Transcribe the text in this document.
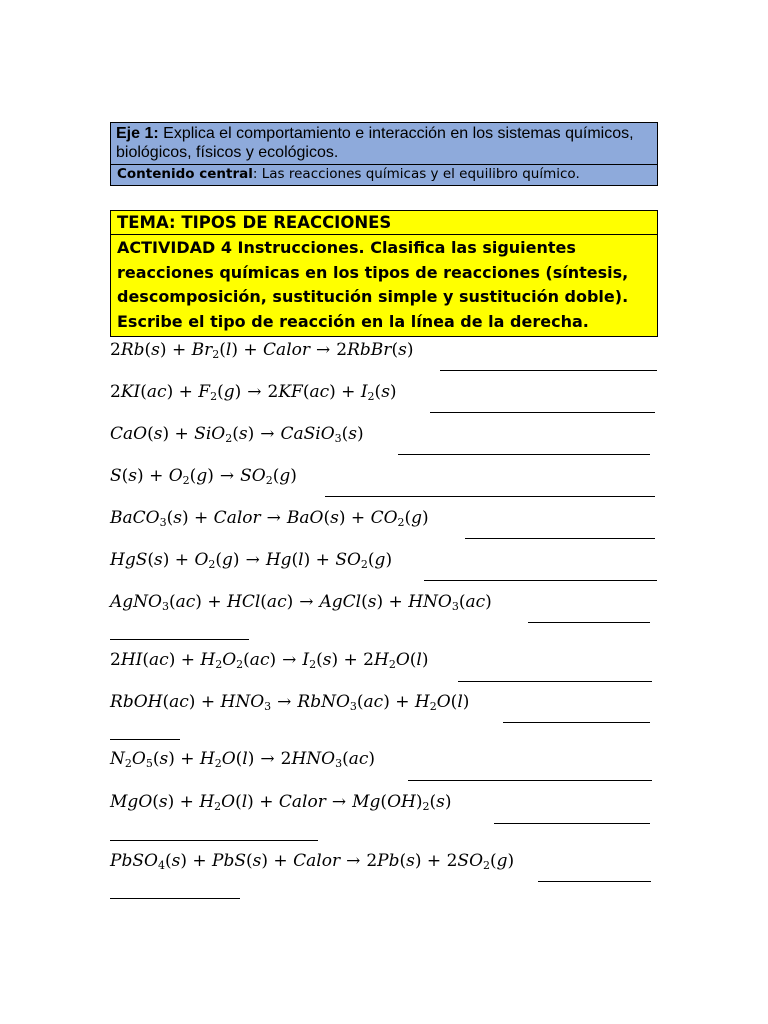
Eje 1: Explica el comportamiento e interacción en los sistemas químicos, biológicos, físicos y ecológicos.
Contenido central: Las reacciones químicas y el equilibro químico.
TEMA: TIPOS DE REACCIONES
ACTIVIDAD 4 Instrucciones. Clasifica las siguientes reacciones químicas en los tipos de reacciones (síntesis, descomposición, sustitución simple y sustitución doble). Escribe el tipo de reacción en la línea de la derecha.
$2Rb(s) + Br_2(l)$ + Calor → 2RbBr(s)
$2KI(ac) + F_2(g) \to 2KF(ac) + I_2(s)$
CaO(s) + SiO$_2$(s) → CaSiO$_3$(s)
$S(s) + O_2(g) \to SO_2(g)$
BaCO$_3$(s) + Calor → $BaO(s) + CO_2(g)$
$HgS(s) + O_2(g) \to Hg(l) + SO_2(g)$
AgNO$_3$(ac) + HCl(ac) → AgCl(s) + $HNO_3(ac)$
$2HI(ac) + H_2O_2(ac) \to I_2(s) + 2H_2O(l)$
RbOH(ac) + $HNO_3$ → RbNO$_3$(ac) + $H_2O(l)$
$N_2O_5(s) + H_2O(l) \to 2HNO_3(ac)$
$MgO(s) + H_2O(l)$ + Calor → $Mg(OH)_2(s)$
PbSO$_4$(s) + PbS(s) + Calor → $2Pb(s) + 2SO_2(g)$
